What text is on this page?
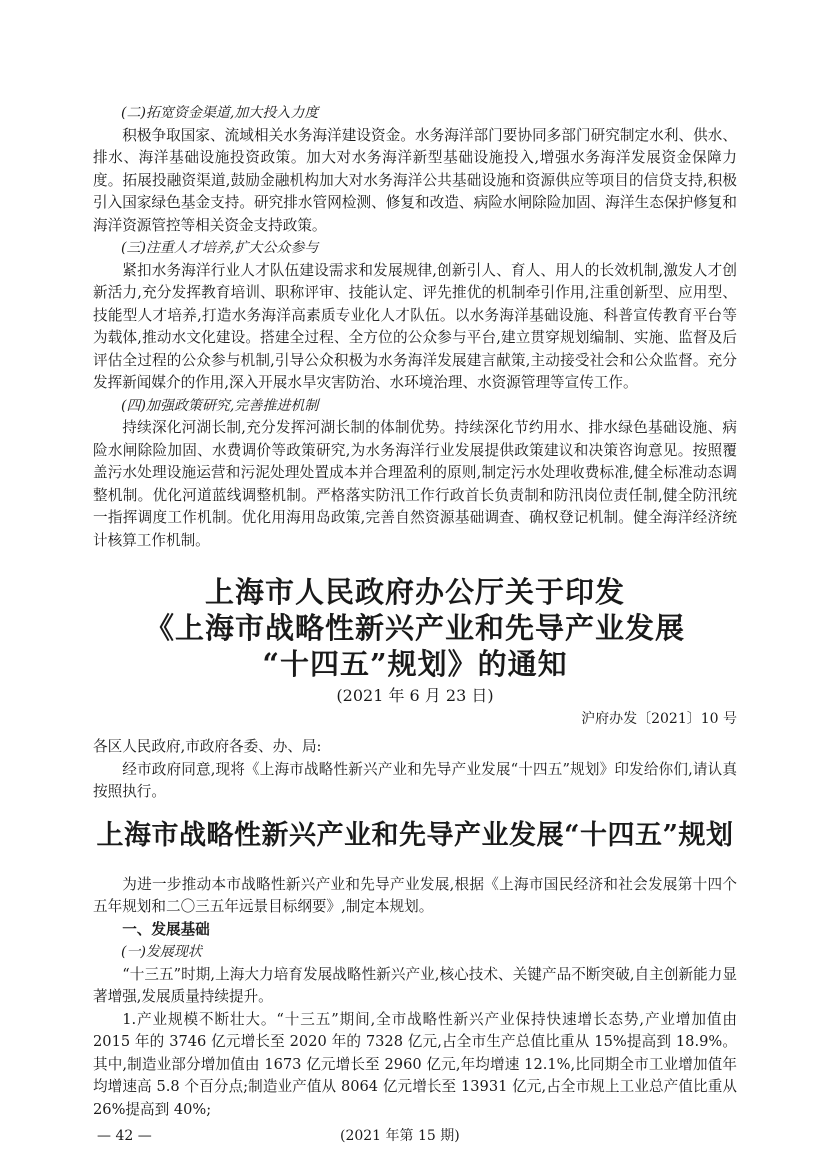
(二)拓宽资金渠道,加大投入力度

积极争取国家、流域相关水务海洋建设资金。水务海洋部门要协同多部门研究制定水利、供水、排水、海洋基础设施投资政策。加大对水务海洋新型基础设施投入,增强水务海洋发展资金保障力度。拓展投融资渠道,鼓励金融机构加大对水务海洋公共基础设施和资源供应等项目的信贷支持,积极引入国家绿色基金支持。研究排水管网检测、修复和改造、病险水闸除险加固、海洋生态保护修复和海洋资源管控等相关资金支持政策。

(三)注重人才培养,扩大公众参与

紧扣水务海洋行业人才队伍建设需求和发展规律,创新引人、育人、用人的长效机制,激发人才创新活力,充分发挥教育培训、职称评审、技能认定、评先推优的机制牵引作用,注重创新型、应用型、技能型人才培养,打造水务海洋高素质专业化人才队伍。以水务海洋基础设施、科普宣传教育平台等为载体,推动水文化建设。搭建全过程、全方位的公众参与平台,建立贯穿规划编制、实施、监督及后评估全过程的公众参与机制,引导公众积极为水务海洋发展建言献策,主动接受社会和公众监督。充分发挥新闻媒介的作用,深入开展水旱灾害防治、水环境治理、水资源管理等宣传工作。

(四)加强政策研究,完善推进机制

持续深化河湖长制,充分发挥河湖长制的体制优势。持续深化节约用水、排水绿色基础设施、病险水闸除险加固、水费调价等政策研究,为水务海洋行业发展提供政策建议和决策咨询意见。按照覆盖污水处理设施运营和污泥处理处置成本并合理盈利的原则,制定污水处理收费标准,健全标准动态调整机制。优化河道蓝线调整机制。严格落实防汛工作行政首长负责制和防汛岗位责任制,健全防汛统一指挥调度工作机制。优化用海用岛政策,完善自然资源基础调查、确权登记机制。健全海洋经济统计核算工作机制。

上海市人民政府办公厅关于印发
《上海市战略性新兴产业和先导产业发展
“十四五”规划》的通知
(2021 年 6 月 23 日)
沪府办发〔2021〕10 号

各区人民政府,市政府各委、办、局:

经市政府同意,现将《上海市战略性新兴产业和先导产业发展“十四五”规划》印发给你们,请认真按照执行。

上海市战略性新兴产业和先导产业发展“十四五”规划

为进一步推动本市战略性新兴产业和先导产业发展,根据《上海市国民经济和社会发展第十四个五年规划和二〇三五年远景目标纲要》,制定本规划。

一、发展基础

(一)发展现状

“十三五”时期,上海大力培育发展战略性新兴产业,核心技术、关键产品不断突破,自主创新能力显著增强,发展质量持续提升。

1.产业规模不断壮大。“十三五”期间,全市战略性新兴产业保持快速增长态势,产业增加值由 2015 年的 3746 亿元增长至 2020 年的 7328 亿元,占全市生产总值比重从 15%提高到 18.9%。其中,制造业部分增加值由 1673 亿元增长至 2960 亿元,年均增速 12.1%,比同期全市工业增加值年均增速高 5.8 个百分点;制造业产值从 8064 亿元增长至 13931 亿元,占全市规上工业总产值比重从 26%提高到 40%;

— 42 —	(2021 年第 15 期)
